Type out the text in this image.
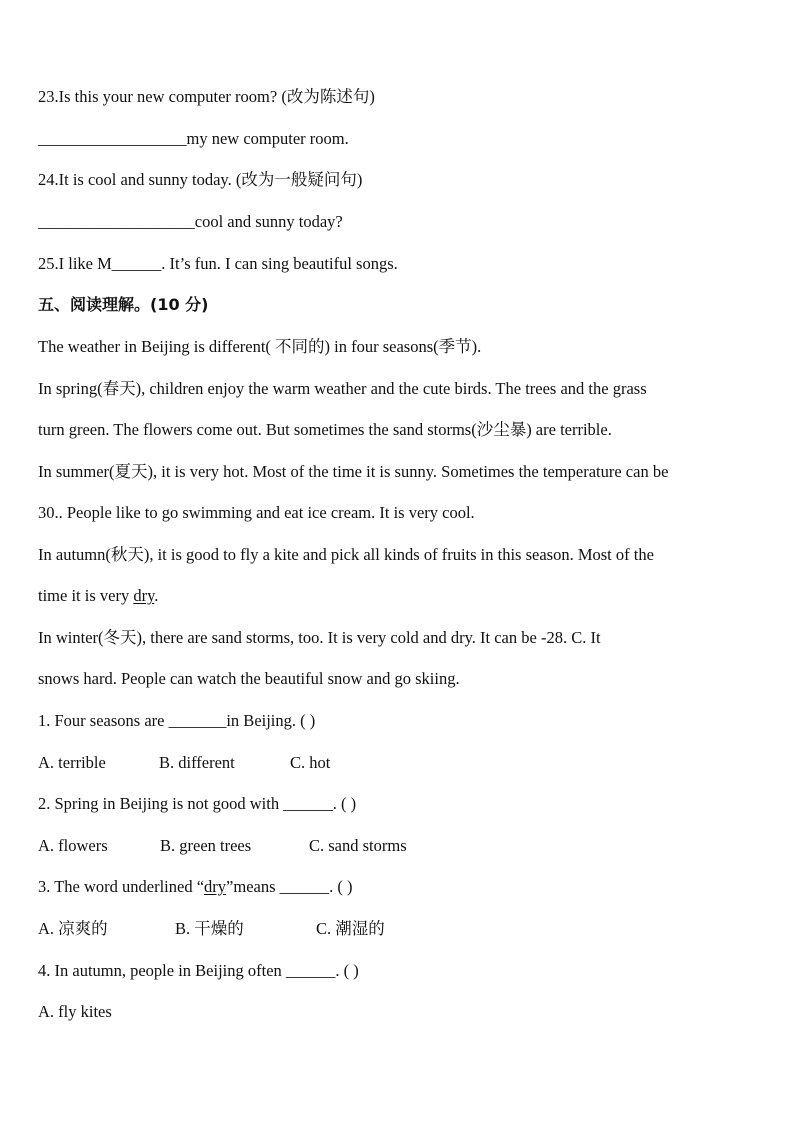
23.Is this your new computer room? (改为陈述句)
__________________my new computer room.
24.It is cool and sunny today. (改为一般疑问句)
___________________cool and sunny today?
25.I like M______. It’s fun. I can sing beautiful songs.
五、阅读理解。(10 分)
The weather in Beijing is different( 不同的) in four seasons(季节).
In spring(春天), children enjoy the warm weather and the cute birds. The trees and the grass
turn green. The flowers come out. But sometimes the sand storms(沙尘暴) are terrible.
In summer(夏天), it is very hot. Most of the time it is sunny. Sometimes the temperature can be
30.. People like to go swimming and eat ice cream. It is very cool.
In autumn(秋天), it is good to fly a kite and pick all kinds of fruits in this season. Most of the
time it is very dry.
In winter(冬天), there are sand storms, too. It is very cold and dry. It can be -28. C. It
snows hard. People can watch the beautiful snow and go skiing.
1. Four seasons are _______in Beijing. ( )
A. terrible	B. different	C. hot
2. Spring in Beijing is not good with ______. ( )
A. flowers	B. green trees	C. sand storms
3. The word underlined “dry”means ______. ( )
A. 凉爽的	B. 干燥的	C. 潮湿的
4. In autumn, people in Beijing often ______. ( )
A. fly kites
